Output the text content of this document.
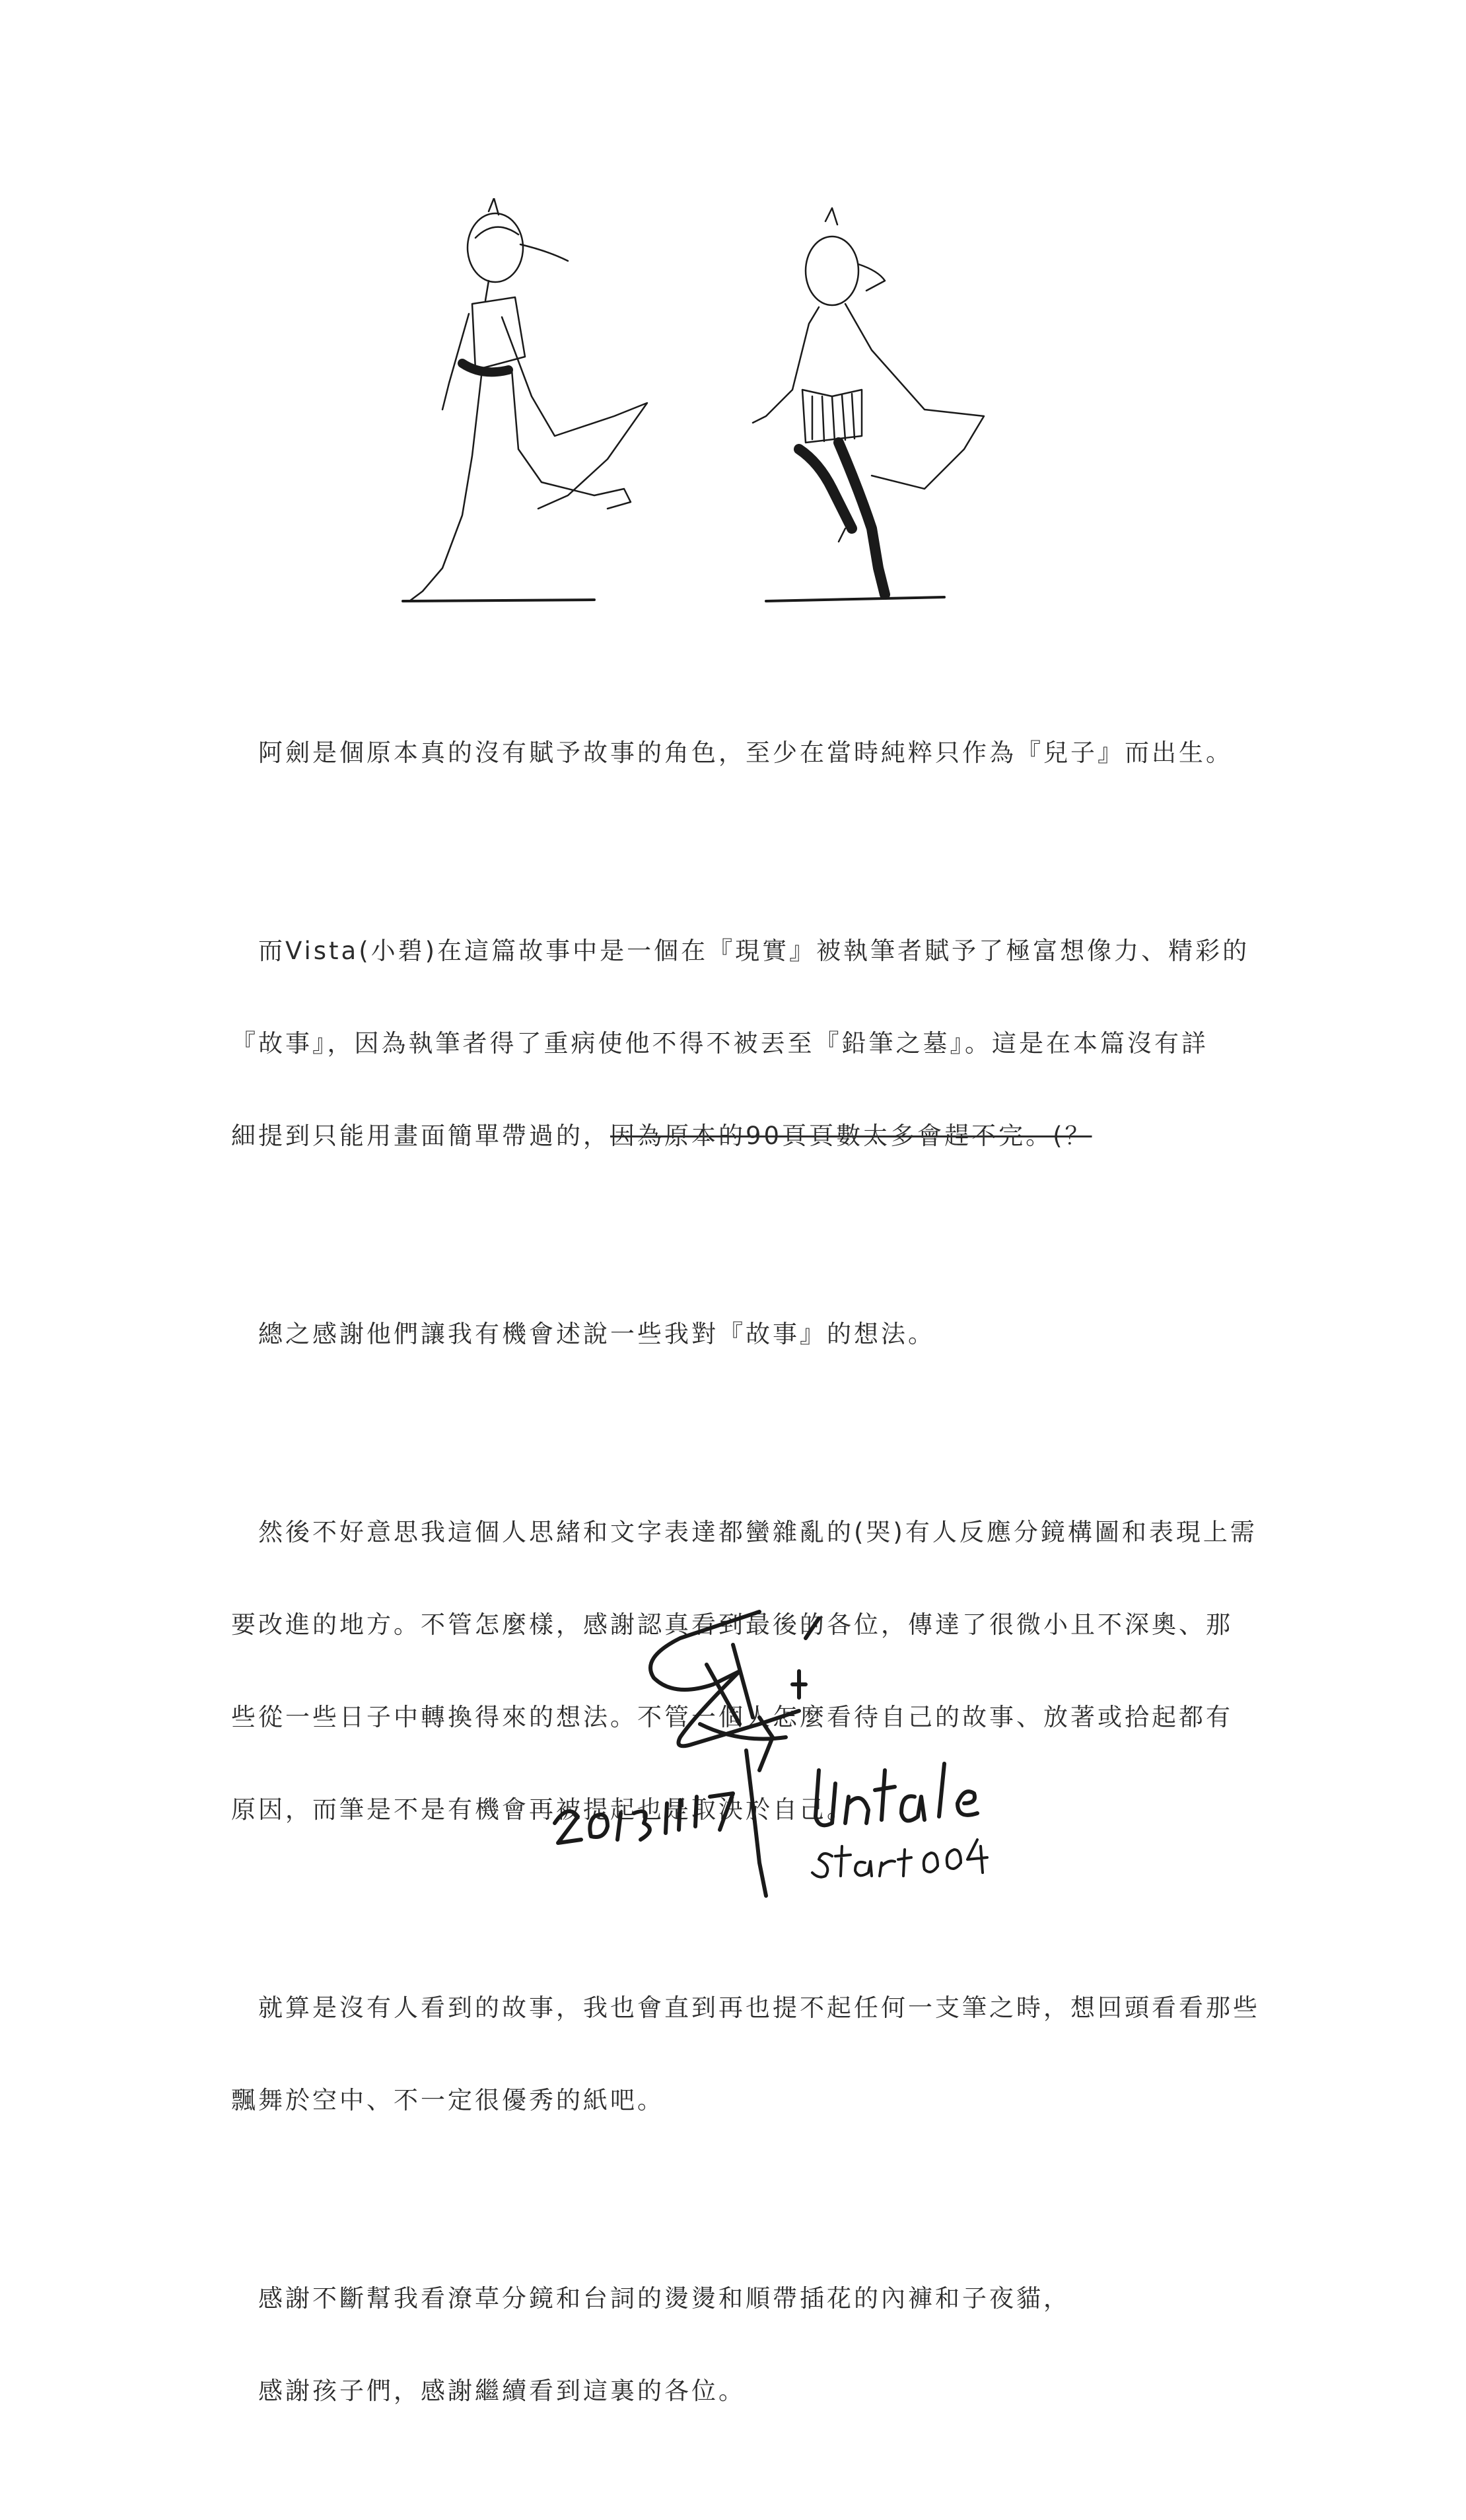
　阿劍是個原本真的沒有賦予故事的角色，至少在當時純粹只作為『兒子』而出生。

　而Vista(小碧)在這篇故事中是一個在『現實』被執筆者賦予了極富想像力、精彩的

『故事』，因為執筆者得了重病使他不得不被丟至『鉛筆之墓』。這是在本篇沒有詳

細提到只能用畫面簡單帶過的，因為原本的90頁頁數太多會趕不完。(？

　總之感謝他們讓我有機會述說一些我對『故事』的想法。

　然後不好意思我這個人思緒和文字表達都蠻雜亂的(哭)有人反應分鏡構圖和表現上需

要改進的地方。不管怎麼樣，感謝認真看到最後的各位，傳達了很微小且不深奧、那

些從一些日子中轉換得來的想法。不管一個人怎麼看待自己的故事、放著或拾起都有

原因，而筆是不是有機會再被提起也是取決於自己。

　就算是沒有人看到的故事，我也會直到再也提不起任何一支筆之時，想回頭看看那些

飄舞於空中、不一定很優秀的紙吧。

　感謝不斷幫我看潦草分鏡和台詞的燙燙和順帶插花的內褲和子夜貓，

　感謝孩子們，感謝繼續看到這裏的各位。
